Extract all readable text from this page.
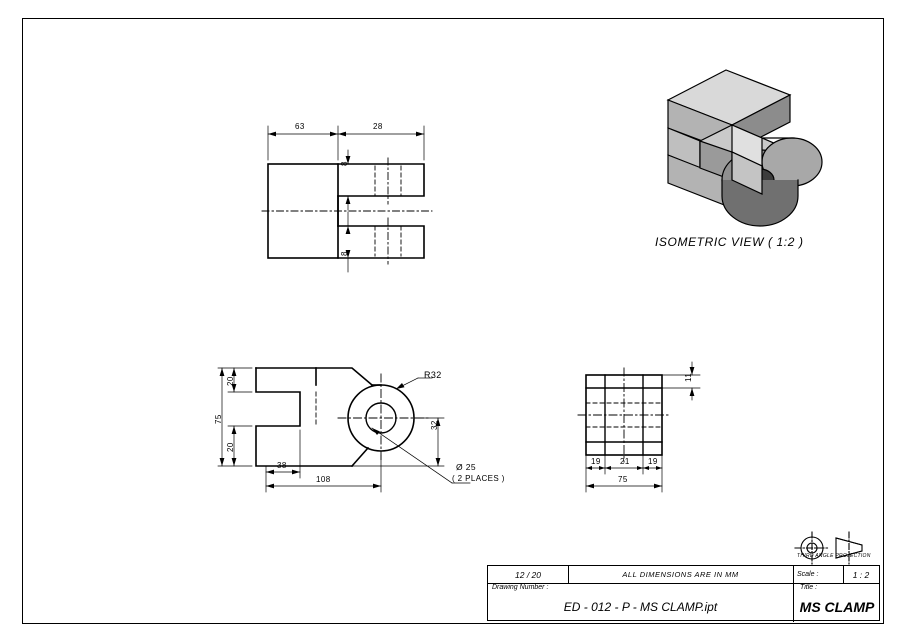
63	28
8
8
20
75
20
38
108
R32
32
Ø 25
( 2 PLACES )
11
19 21 19
75
ISOMETRIC VIEW ( 1:2 )
THIRD ANGLE PROJECTION
12 / 20	ALL DIMENSIONS ARE IN MM	Scale :	1 : 2
Drawing Number :
ED - 012 - P - MS CLAMP.ipt
Title :
MS CLAMP
